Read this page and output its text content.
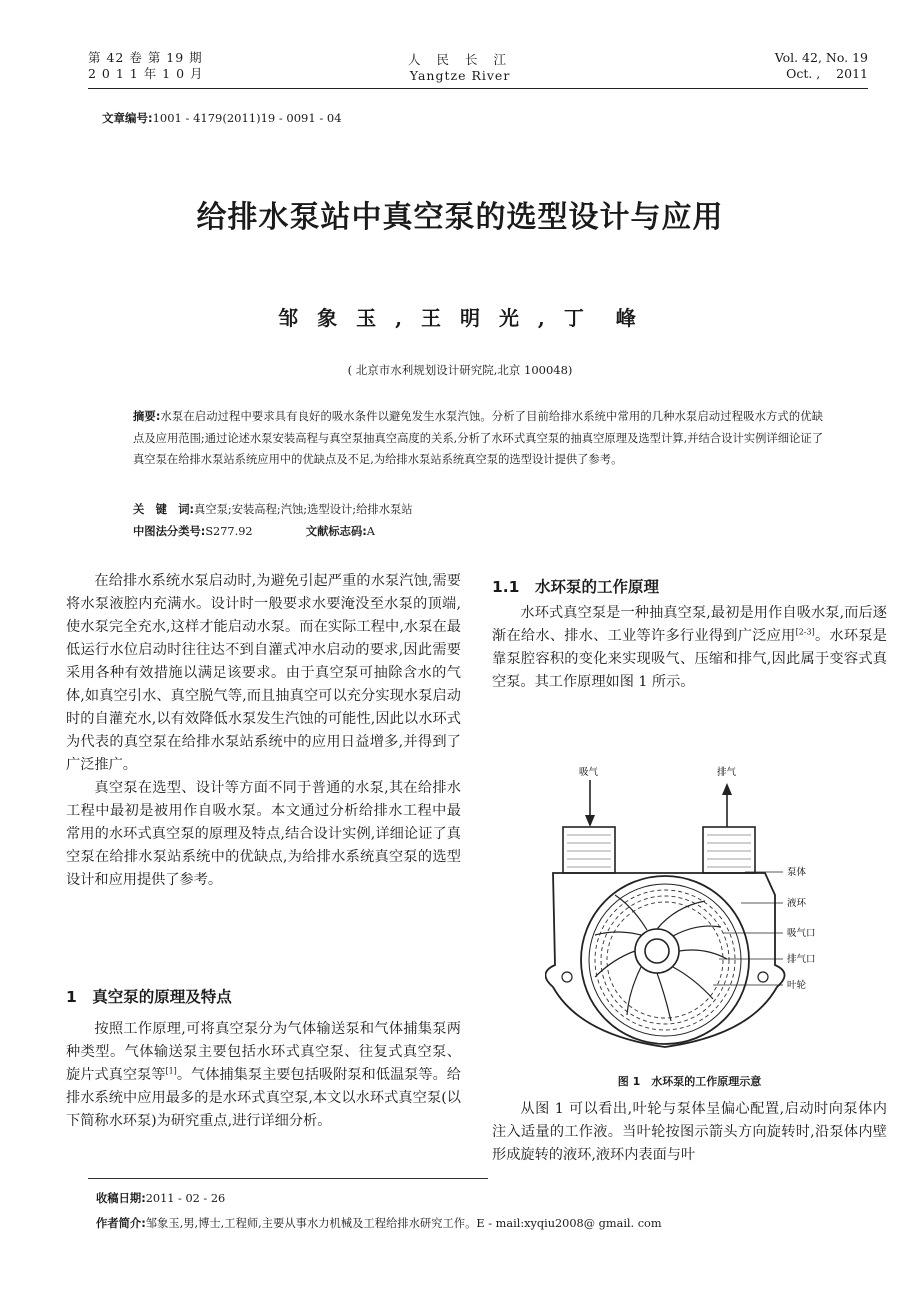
第 42 卷 第 19 期
2 0 1 1 年 1 0 月
人 民 长 江
Yangtze River
Vol. 42, No. 19
Oct. ,    2011
文章编号:1001 - 4179(2011)19 - 0091 - 04
给排水泵站中真空泵的选型设计与应用
邹 象 玉 , 王 明 光 , 丁  峰
( 北京市水利规划设计研究院,北京 100048)
摘要:水泵在启动过程中要求具有良好的吸水条件以避免发生水泵汽蚀。分析了目前给排水系统中常用的几种水泵启动过程吸水方式的优缺点及应用范围;通过论述水泵安装高程与真空泵抽真空高度的关系,分析了水环式真空泵的抽真空原理及选型计算,并结合设计实例详细论证了真空泵在给排水泵站系统应用中的优缺点及不足,为给排水泵站系统真空泵的选型设计提供了参考。
关　键　词:真空泵;安装高程;汽蚀;选型设计;给排水泵站
中图法分类号:S277.92	文献标志码:A

在给排水系统水泵启动时,为避免引起严重的水泵汽蚀,需要将水泵液腔内充满水。设计时一般要求水要淹没至水泵的顶端,使水泵完全充水,这样才能启动水泵。而在实际工程中,水泵在最低运行水位启动时往往达不到自灌式冲水启动的要求,因此需要采用各种有效措施以满足该要求。由于真空泵可抽除含水的气体,如真空引水、真空脱气等,而且抽真空可以充分实现水泵启动时的自灌充水,以有效降低水泵发生汽蚀的可能性,因此以水环式为代表的真空泵在给排水泵站系统中的应用日益增多,并得到了广泛推广。

真空泵在选型、设计等方面不同于普通的水泵,其在给排水工程中最初是被用作自吸水泵。本文通过分析给排水工程中最常用的水环式真空泵的原理及特点,结合设计实例,详细论证了真空泵在给排水泵站系统中的优缺点,为给排水系统真空泵的选型设计和应用提供了参考。

1　真空泵的原理及特点

按照工作原理,可将真空泵分为气体输送泵和气体捕集泵两种类型。气体输送泵主要包括水环式真空泵、往复式真空泵、旋片式真空泵等[1]。气体捕集泵主要包括吸附泵和低温泵等。给排水系统中应用最多的是水环式真空泵,本文以水环式真空泵(以下简称水环泵)为研究重点,进行详细分析。

1.1　水环泵的工作原理

水环式真空泵是一种抽真空泵,最初是用作自吸水泵,而后逐渐在给水、排水、工业等许多行业得到广泛应用[2-3]。水环泵是靠泵腔容积的变化来实现吸气、压缩和排气,因此属于变容式真空泵。其工作原理如图 1 所示。

吸气	排气
泵体
液环
吸气口
排气口
叶轮
图 1　水环泵的工作原理示意

从图 1 可以看出,叶轮与泵体呈偏心配置,启动时向泵体内注入适量的工作液。当叶轮按图示箭头方向旋转时,沿泵体内壁形成旋转的液环,液环内表面与叶

收稿日期:2011 - 02 - 26
作者简介:邹象玉,男,博士,工程师,主要从事水力机械及工程给排水研究工作。E - mail:xyqiu2008@ gmail. com
